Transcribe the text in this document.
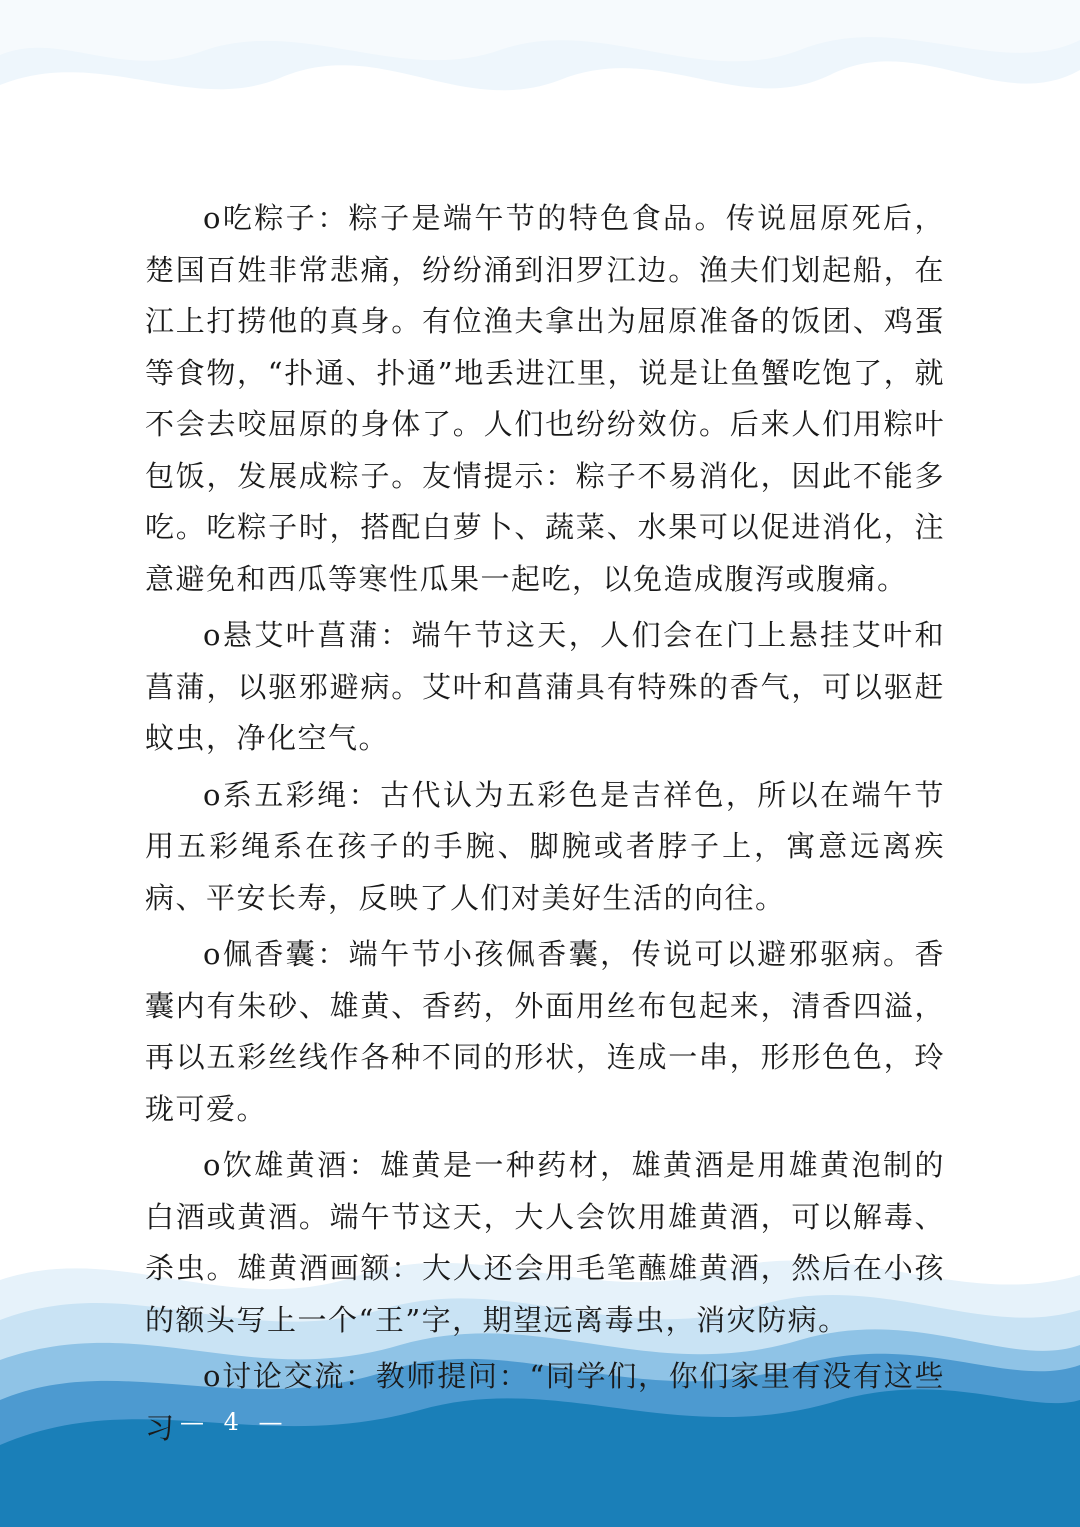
o吃粽子：粽子是端午节的特色食品。传说屈原死后，楚国百姓非常悲痛，纷纷涌到汨罗江边。渔夫们划起船，在江上打捞他的真身。有位渔夫拿出为屈原准备的饭团、鸡蛋等食物，“扑通、扑通”地丢进江里，说是让鱼蟹吃饱了，就不会去咬屈原的身体了。人们也纷纷效仿。后来人们用粽叶包饭，发展成粽子。友情提示：粽子不易消化，因此不能多吃。吃粽子时，搭配白萝卜、蔬菜、水果可以促进消化，注意避免和西瓜等寒性瓜果一起吃，以免造成腹泻或腹痛。

o悬艾叶菖蒲：端午节这天，人们会在门上悬挂艾叶和菖蒲，以驱邪避病。艾叶和菖蒲具有特殊的香气，可以驱赶蚊虫，净化空气。

o系五彩绳：古代认为五彩色是吉祥色，所以在端午节用五彩绳系在孩子的手腕、脚腕或者脖子上，寓意远离疾病、平安长寿，反映了人们对美好生活的向往。

o佩香囊：端午节小孩佩香囊，传说可以避邪驱病。香囊内有朱砂、雄黄、香药，外面用丝布包起来，清香四溢，再以五彩丝线作各种不同的形状，连成一串，形形色色，玲珑可爱。

o饮雄黄酒：雄黄是一种药材，雄黄酒是用雄黄泡制的白酒或黄酒。端午节这天，大人会饮用雄黄酒，可以解毒、杀虫。雄黄酒画额：大人还会用毛笔蘸雄黄酒，然后在小孩的额头写上一个“王”字，期望远离毒虫，消灾防病。

o讨论交流：教师提问：“同学们，你们家里有没有这些习 — 4 —
